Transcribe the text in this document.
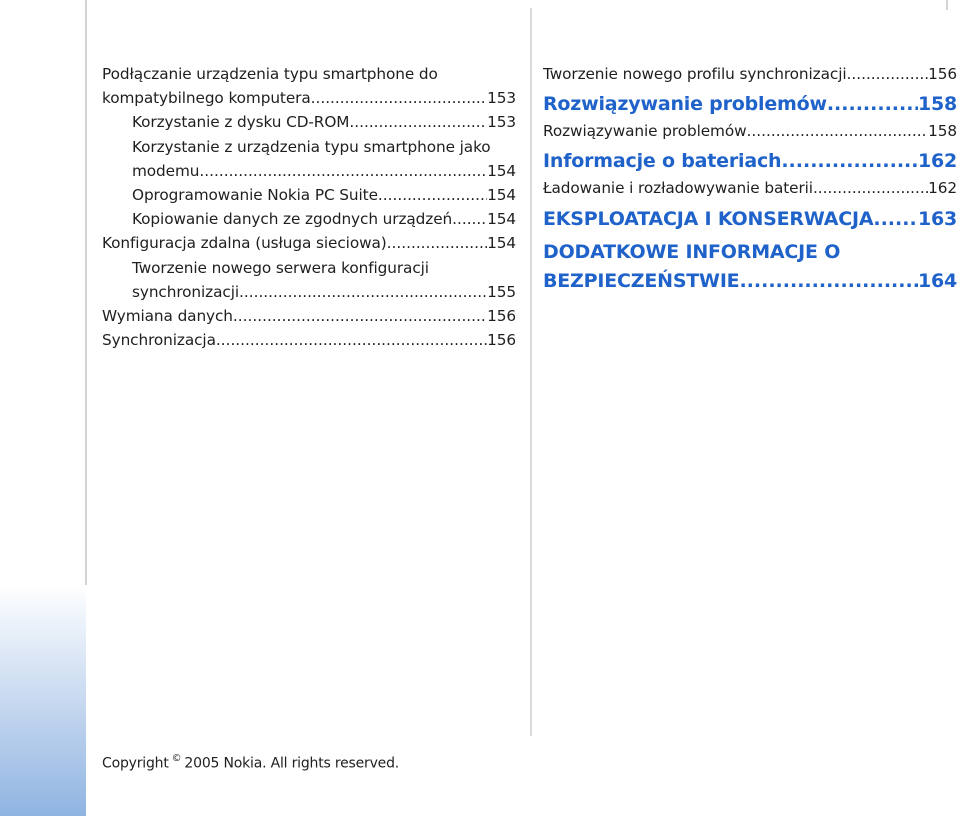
Podłączanie urządzenia typu smartphone do
kompatybilnego komputera .....	153
Korzystanie z dysku CD-ROM .....	153
Korzystanie z urządzenia typu smartphone jako
modemu .....	154
Oprogramowanie Nokia PC Suite .....	154
Kopiowanie danych ze zgodnych urządzeń ..... 154
Konfiguracja zdalna (usługa sieciowa) .....	154
Tworzenie nowego serwera konfiguracji
synchronizacji .....	155
Wymiana danych .....	156
Synchronizacja .....	156
Tworzenie nowego profilu synchronizacji .....	156
Rozwiązywanie problemów .....	158
Rozwiązywanie problemów .....	158
Informacje o bateriach .....	162
Ładowanie i rozładowywanie baterii .....	162
EKSPLOATACJA I KONSERWACJA ..... 163
DODATKOWE INFORMACJE O
BEZPIECZEŃSTWIE .....	164
Copyright © 2005 Nokia. All rights reserved.
